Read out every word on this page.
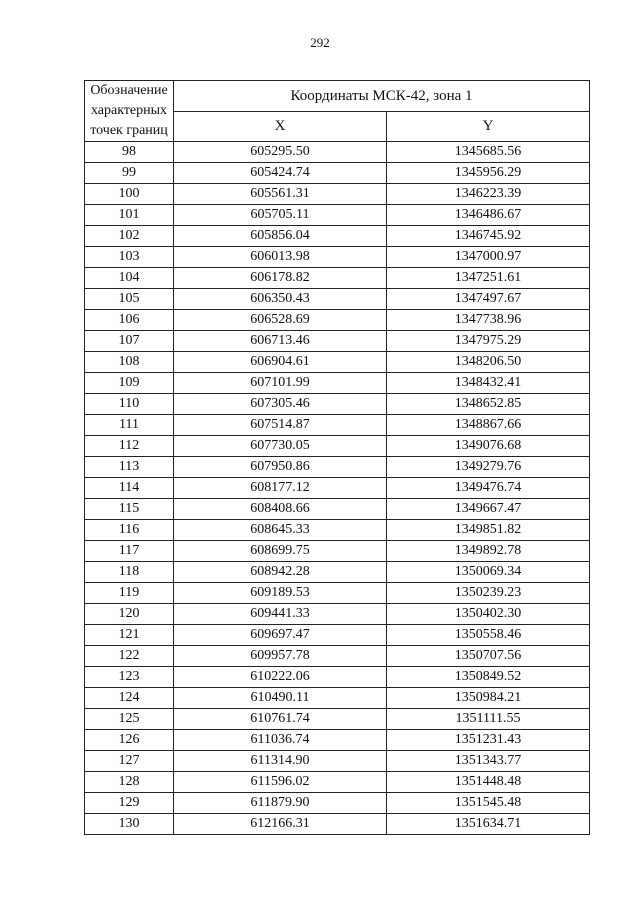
292
Обозначение характерных точек границ	Координаты МСК-42, зона 1	
	X	Y
98	605295.50	1345685.56
99	605424.74	1345956.29
100	605561.31	1346223.39
101	605705.11	1346486.67
102	605856.04	1346745.92
103	606013.98	1347000.97
104	606178.82	1347251.61
105	606350.43	1347497.67
106	606528.69	1347738.96
107	606713.46	1347975.29
108	606904.61	1348206.50
109	607101.99	1348432.41
110	607305.46	1348652.85
111	607514.87	1348867.66
112	607730.05	1349076.68
113	607950.86	1349279.76
114	608177.12	1349476.74
115	608408.66	1349667.47
116	608645.33	1349851.82
117	608699.75	1349892.78
118	608942.28	1350069.34
119	609189.53	1350239.23
120	609441.33	1350402.30
121	609697.47	1350558.46
122	609957.78	1350707.56
123	610222.06	1350849.52
124	610490.11	1350984.21
125	610761.74	1351111.55
126	611036.74	1351231.43
127	611314.90	1351343.77
128	611596.02	1351448.48
129	611879.90	1351545.48
130	612166.31	1351634.71
